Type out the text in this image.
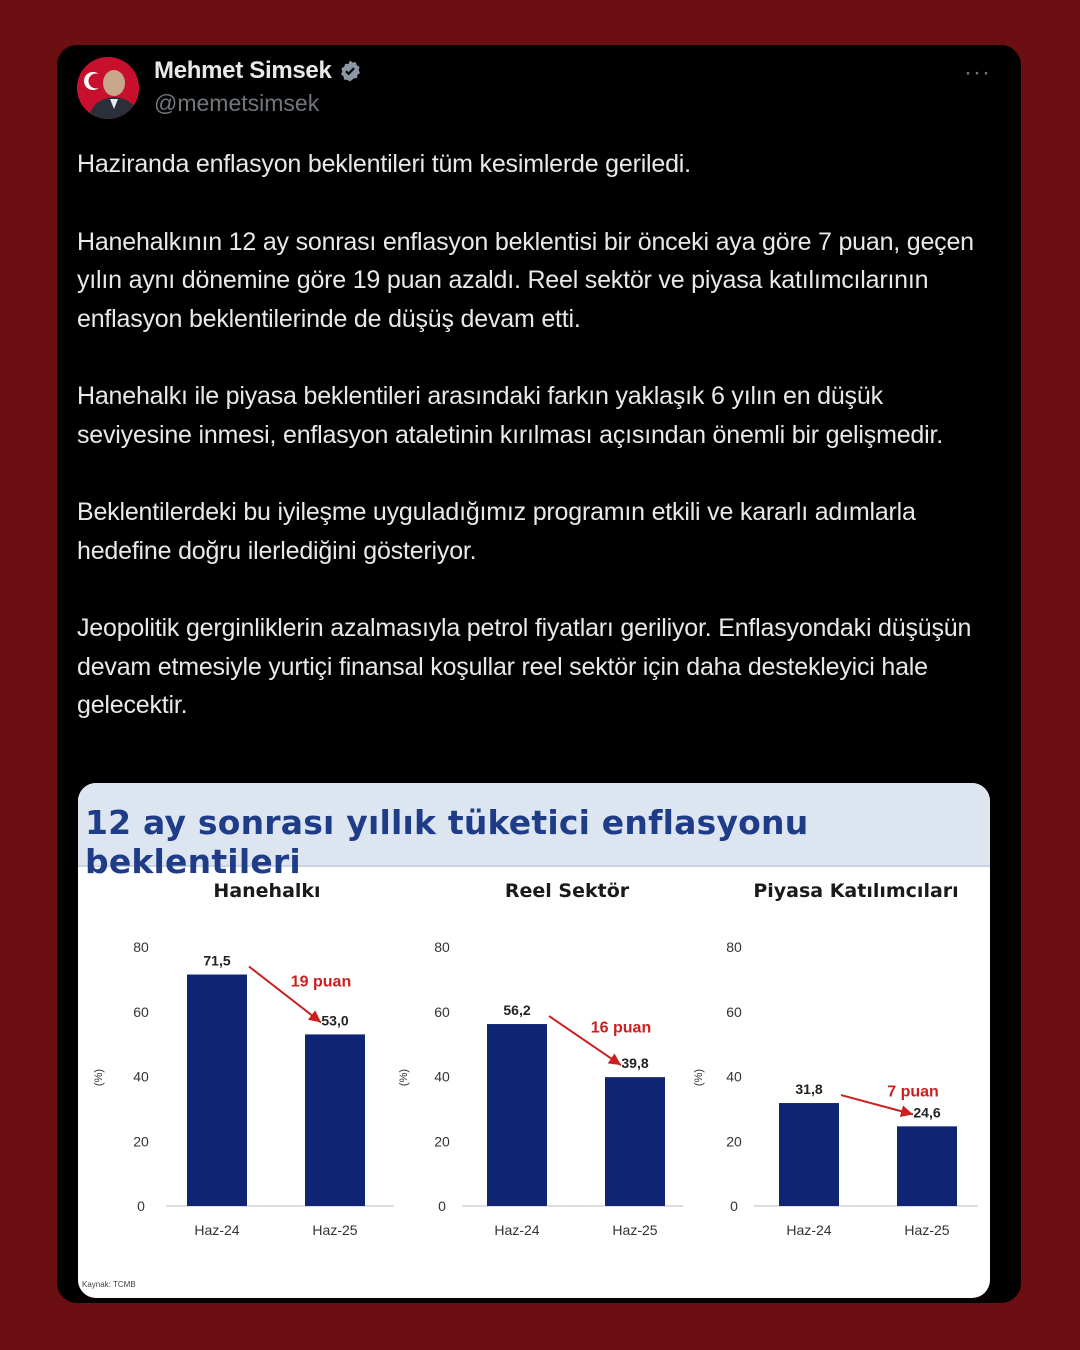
Mehmet Simsek
@memetsimsek
···

Haziranda enflasyon beklentileri tüm kesimlerde geriledi.

Hanehalkının 12 ay sonrası enflasyon beklentisi bir önceki aya göre 7 puan, geçen yılın aynı dönemine göre 19 puan azaldı. Reel sektör ve piyasa katılımcılarının enflasyon beklentilerinde de düşüş devam etti.

Hanehalkı ile piyasa beklentileri arasındaki farkın yaklaşık 6 yılın en düşük seviyesine inmesi, enflasyon ataletinin kırılması açısından önemli bir gelişmedir.

Beklentilerdeki bu iyileşme uyguladığımız programın etkili ve kararlı adımlarla hedefine doğru ilerlediğini gösteriyor.

Jeopolitik gerginliklerin azalmasıyla petrol fiyatları geriliyor. Enflasyondaki düşüşün devam etmesiyle yurtiçi finansal koşullar reel sektör için daha destekleyici hale gelecektir.

12 ay sonrası yıllık tüketici enflasyonu beklentileri
Hanehalkı
0
20
40
60
80
(%)
71,5
Haz-24
53,0
Haz-25
19 puan
Reel Sektör
0
20
40
60
80
(%)
56,2
Haz-24
39,8
Haz-25
16 puan
Piyasa Katılımcıları
0
20
40
60
80
(%)
31,8
Haz-24
24,6
Haz-25
7 puan
Kaynak: TCMB
